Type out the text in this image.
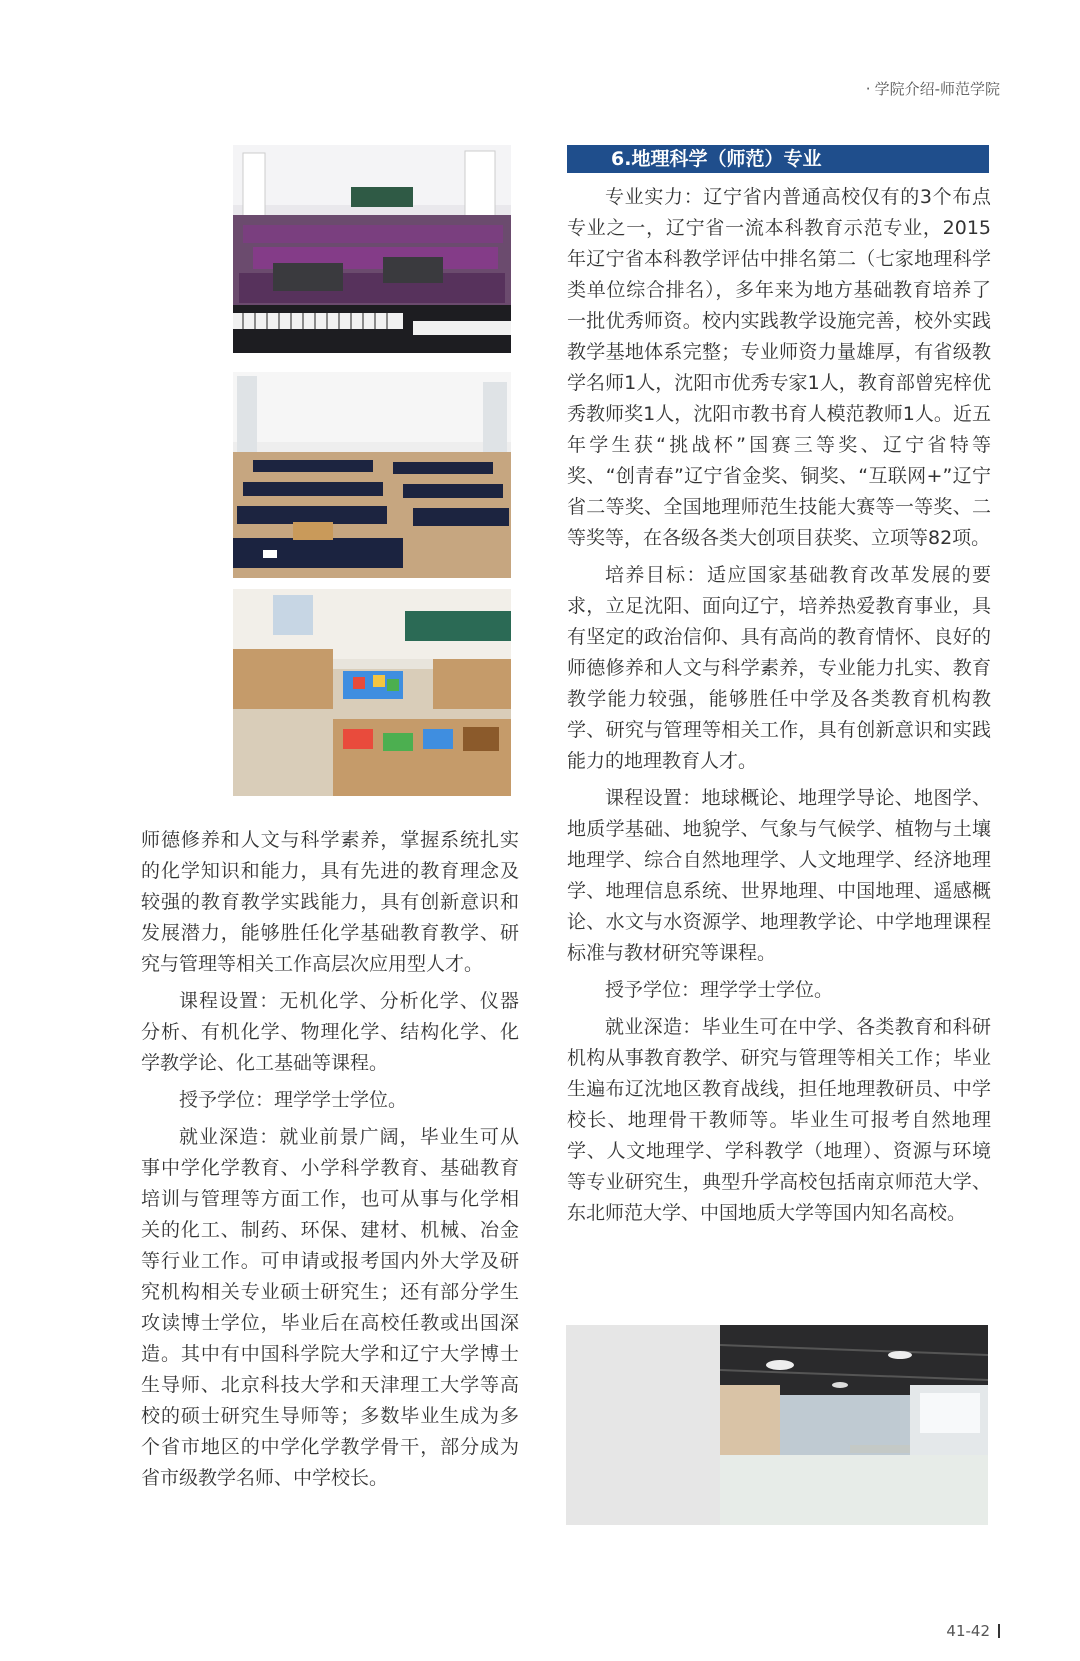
· 学院介绍-师范学院
6.地理科学（师范）专业

专业实力：辽宁省内普通高校仅有的3个布点专业之一，辽宁省一流本科教育示范专业，2015年辽宁省本科教学评估中排名第二（七家地理科学类单位综合排名），多年来为地方基础教育培养了一批优秀师资。校内实践教学设施完善，校外实践教学基地体系完整；专业师资力量雄厚，有省级教学名师1人，沈阳市优秀专家1人，教育部曾宪梓优秀教师奖1人，沈阳市教书育人模范教师1人。近五年学生获“挑战杯”国赛三等奖、辽宁省特等奖、“创青春”辽宁省金奖、铜奖、“互联网+”辽宁省二等奖、全国地理师范生技能大赛等一等奖、二等奖等，在各级各类大创项目获奖、立项等82项。

培养目标：适应国家基础教育改革发展的要求，立足沈阳、面向辽宁，培养热爱教育事业，具有坚定的政治信仰、具有高尚的教育情怀、良好的师德修养和人文与科学素养，专业能力扎实、教育教学能力较强，能够胜任中学及各类教育机构教学、研究与管理等相关工作，具有创新意识和实践能力的地理教育人才。

课程设置：地球概论、地理学导论、地图学、地质学基础、地貌学、气象与气候学、植物与土壤地理学、综合自然地理学、人文地理学、经济地理学、地理信息系统、世界地理、中国地理、遥感概论、水文与水资源学、地理教学论、中学地理课程标准与教材研究等课程。

授予学位：理学学士学位。

就业深造：毕业生可在中学、各类教育和科研机构从事教育教学、研究与管理等相关工作；毕业生遍布辽沈地区教育战线，担任地理教研员、中学校长、地理骨干教师等。毕业生可报考自然地理学、人文地理学、学科教学（地理）、资源与环境等专业研究生，典型升学高校包括南京师范大学、东北师范大学、中国地质大学等国内知名高校。

师德修养和人文与科学素养，掌握系统扎实的化学知识和能力，具有先进的教育理念及较强的教育教学实践能力，具有创新意识和发展潜力，能够胜任化学基础教育教学、研究与管理等相关工作高层次应用型人才。

课程设置：无机化学、分析化学、仪器分析、有机化学、物理化学、结构化学、化学教学论、化工基础等课程。

授予学位：理学学士学位。

就业深造：就业前景广阔，毕业生可从事中学化学教育、小学科学教育、基础教育培训与管理等方面工作，也可从事与化学相关的化工、制药、环保、建材、机械、冶金等行业工作。可申请或报考国内外大学及研究机构相关专业硕士研究生；还有部分学生攻读博士学位，毕业后在高校任教或出国深造。其中有中国科学院大学和辽宁大学博士生导师、北京科技大学和天津理工大学等高校的硕士研究生导师等；多数毕业生成为多个省市地区的中学化学教学骨干，部分成为省市级教学名师、中学校长。

41-42
